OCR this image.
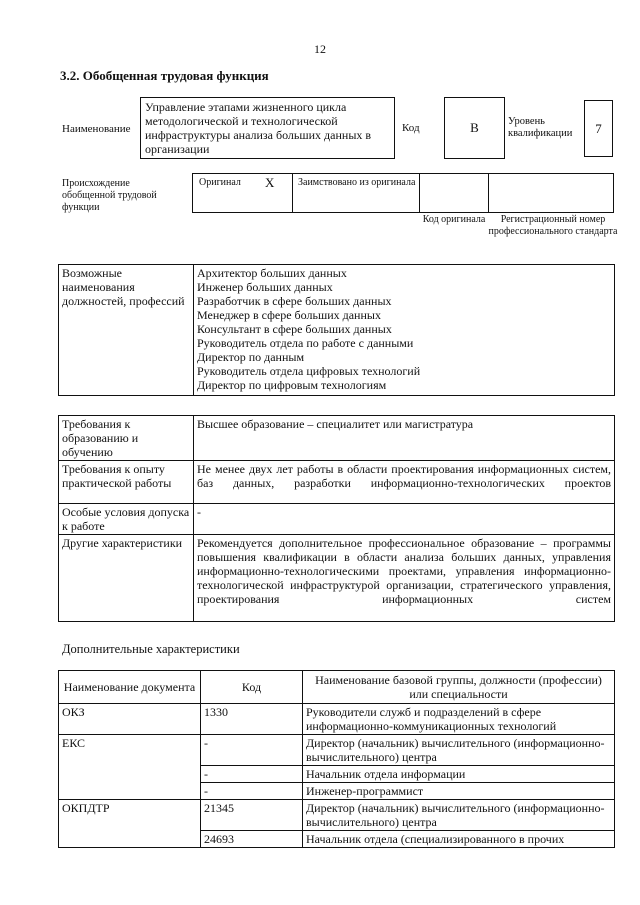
12
3.2. Обобщенная трудовая функция
Наименование
Управление этапами жизненного цикла методологической и технологической инфраструктуры анализа больших данных в организации
Код	B	Уровень квалификации	7
Происхождение обобщенной трудовой функции
Оригинал X Заимствовано из оригинала
Код оригинала	Регистрационный номер профессионального стандарта
Возможные наименования должностей, профессий	

Архитектор больших данных

Инженер больших данных

Разработчик в сфере больших данных

Менеджер в сфере больших данных

Консультант в сфере больших данных

Руководитель отдела по работе с данными

Директор по данным

Руководитель отдела цифровых технологий

Директор по цифровым технологиям

Требования к образованию и обучению	Высшее образование – специалитет или магистратура
Требования к опыту практической работы	Не менее двух лет работы в области проектирования информационных систем, баз данных, разработки информационно-технологических проектов
Особые условия допуска к работе	-
Другие характеристики	Рекомендуется дополнительное профессиональное образование – программы повышения квалификации в области анализа больших данных, управления информационно-технологическими проектами, управления информационно-технологической инфраструктурой организации, стратегического управления, проектирования информационных систем
Дополнительные характеристики
Наименование документа	Код	Наименование базовой группы, должности (профессии) или специальности
ОКЗ	1330	Руководители служб и подразделений в сфере информационно-коммуникационных технологий
ЕКС	-	Директор (начальник) вычислительного (информационно-вычислительного) центра
	-	Начальник отдела информации
	-	Инженер-программист
ОКПДТР	21345	Директор (начальник) вычислительного (информационно-вычислительного) центра
	24693	Начальник отдела (специализированного в прочих
